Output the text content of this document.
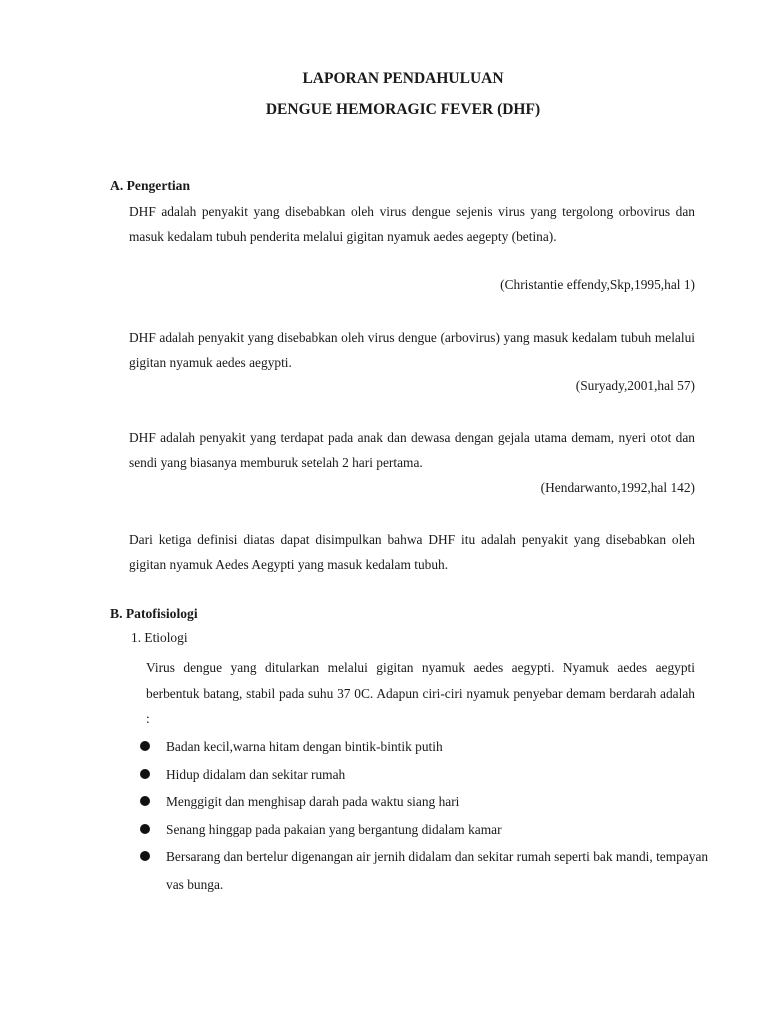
LAPORAN PENDAHULUAN
DENGUE HEMORAGIC FEVER (DHF)
A. Pengertian
DHF adalah penyakit yang disebabkan oleh virus dengue sejenis virus yang tergolong orbovirus dan masuk kedalam tubuh penderita melalui gigitan nyamuk aedes aegepty (betina).
(Christantie effendy,Skp,1995,hal 1)
DHF adalah penyakit yang disebabkan oleh virus dengue (arbovirus) yang masuk kedalam tubuh melalui gigitan nyamuk aedes aegypti.
(Suryady,2001,hal 57)
DHF adalah penyakit yang terdapat pada anak dan dewasa dengan gejala utama demam, nyeri otot dan sendi yang biasanya memburuk setelah 2 hari pertama.
(Hendarwanto,1992,hal 142)
Dari ketiga definisi diatas dapat disimpulkan bahwa DHF itu adalah penyakit yang disebabkan oleh gigitan nyamuk Aedes Aegypti yang masuk kedalam tubuh.
B. Patofisiologi
1. Etiologi
Virus dengue yang ditularkan melalui gigitan nyamuk aedes aegypti. Nyamuk aedes aegypti berbentuk batang, stabil pada suhu 37 0C. Adapun ciri-ciri nyamuk penyebar demam berdarah adalah :
Badan kecil,warna hitam dengan bintik-bintik putih
Hidup didalam dan sekitar rumah
Menggigit dan menghisap darah pada waktu siang hari
Senang hinggap pada pakaian yang bergantung didalam kamar
Bersarang dan bertelur digenangan air jernih didalam dan sekitar rumah seperti bak mandi, tempayan vas bunga.
